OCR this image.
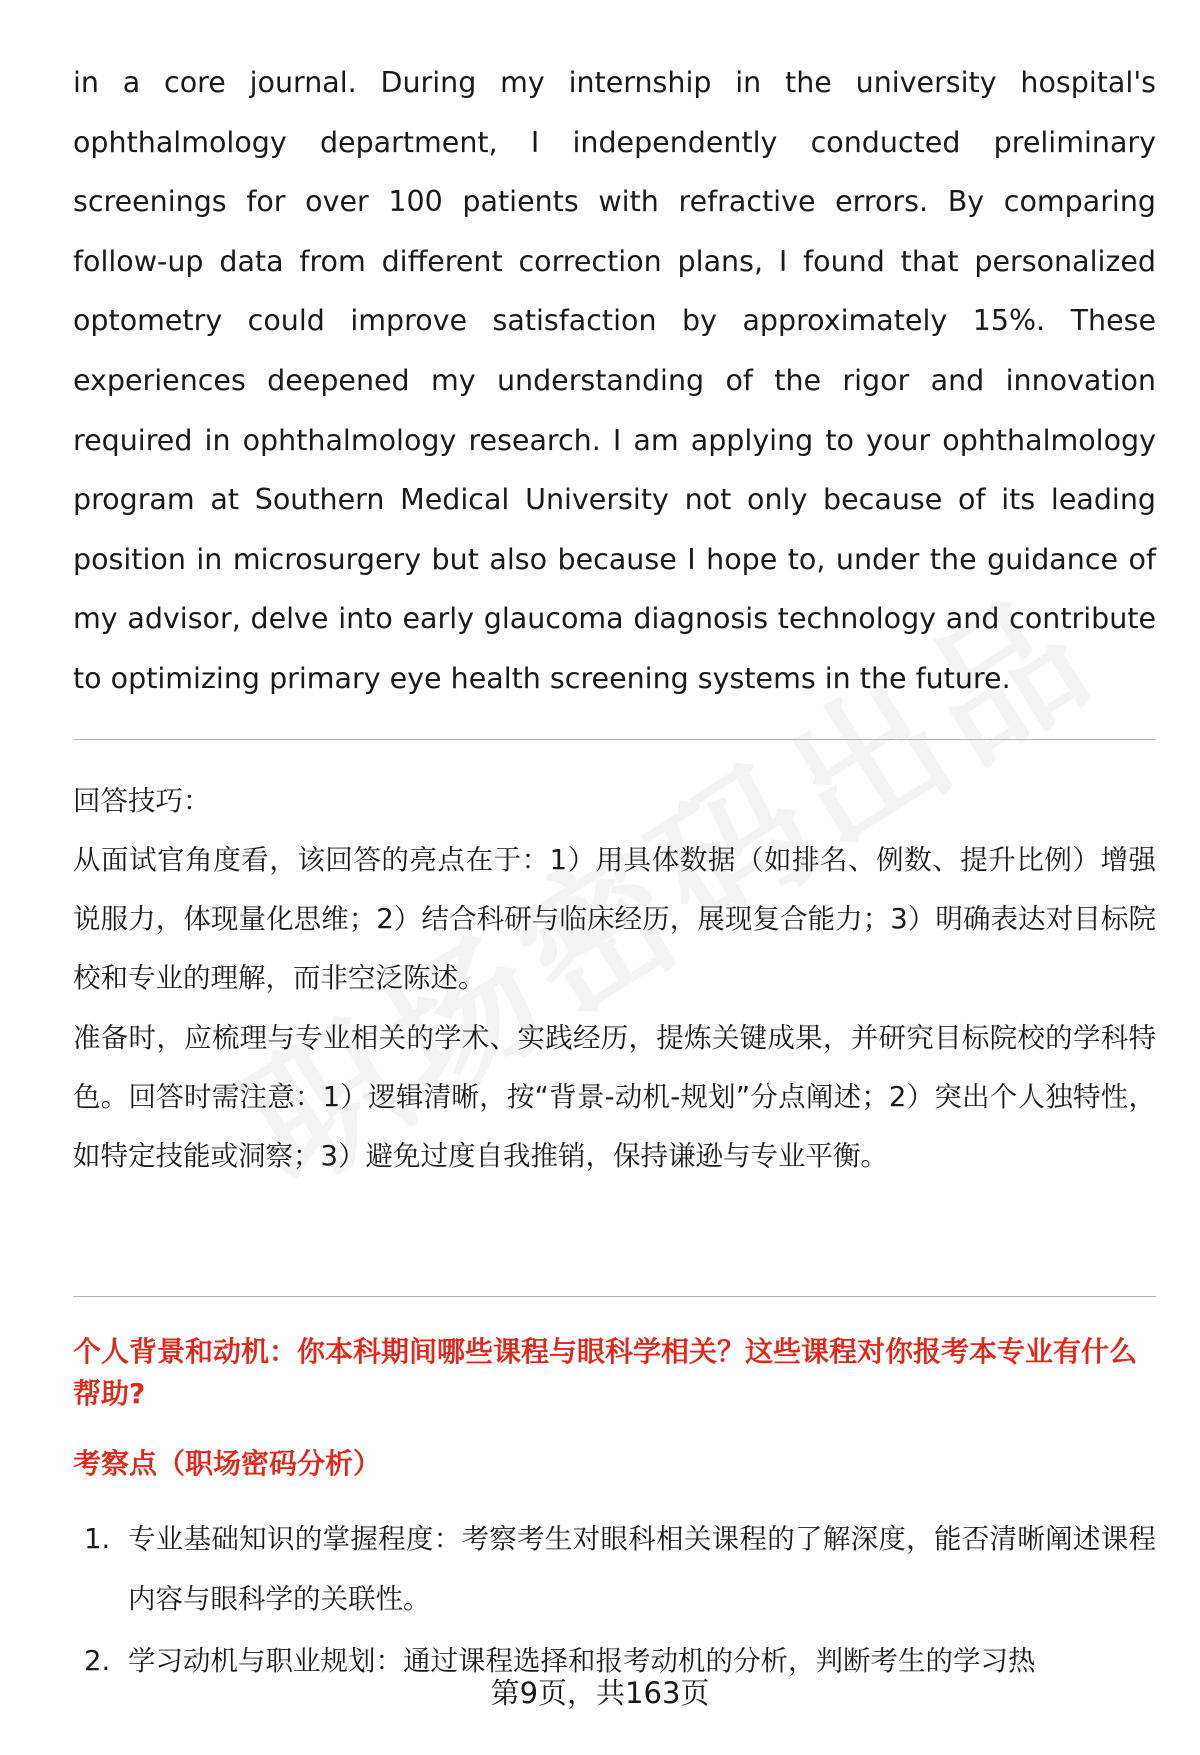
in a core journal. During my internship in the university hospital's ophthalmology department, I independently conducted preliminary screenings for over 100 patients with refractive errors. By comparing follow-up data from different correction plans, I found that personalized optometry could improve satisfaction by approximately 15%. These experiences deepened my understanding of the rigor and innovation required in ophthalmology research. I am applying to your ophthalmology program at Southern Medical University not only because of its leading position in microsurgery but also because I hope to, under the guidance of my advisor, delve into early glaucoma diagnosis technology and contribute to optimizing primary eye health screening systems in the future.

回答技巧：

从面试官角度看，该回答的亮点在于：1）用具体数据（如排名、例数、提升比例）增强说服力，体现量化思维；2）结合科研与临床经历，展现复合能力；3）明确表达对目标院校和专业的理解，而非空泛陈述。

准备时，应梳理与专业相关的学术、实践经历，提炼关键成果，并研究目标院校的学科特色。回答时需注意：1）逻辑清晰，按“背景-动机-规划”分点阐述；2）突出个人独特性，如特定技能或洞察；3）避免过度自我推销，保持谦逊与专业平衡。

个人背景和动机：你本科期间哪些课程与眼科学相关？这些课程对你报考本专业有什么帮助?
考察点（职场密码分析）
1. 专业基础知识的掌握程度：考察考生对眼科相关课程的了解深度，能否清晰阐述课程内容与眼科学的关联性。
2. 学习动机与职业规划：通过课程选择和报考动机的分析，判断考生的学习热
第9页，共163页
